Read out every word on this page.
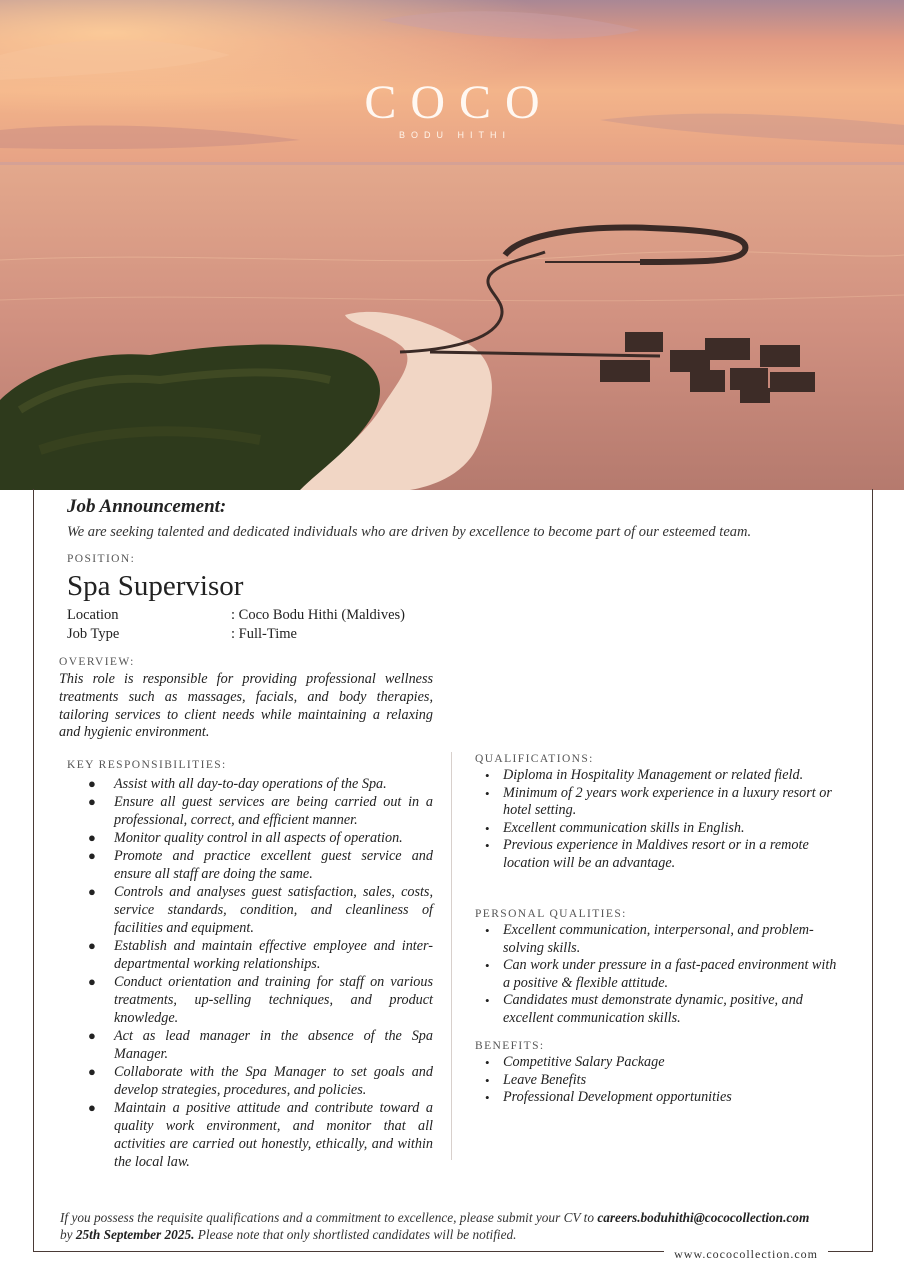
COCO
BODU HITHI
Job Announcement:
We are seeking talented and dedicated individuals who are driven by excellence to become part of our esteemed team.
POSITION:
Spa Supervisor
Location	: Coco Bodu Hithi (Maldives)
Job Type	: Full-Time
OVERVIEW:
This role is responsible for providing professional wellness treatments such as massages, facials, and body therapies, tailoring services to client needs while maintaining a relaxing and hygienic environment.
KEY RESPONSIBILITIES:
● Assist with all day-to-day operations of the Spa.
● Ensure all guest services are being carried out in a professional, correct, and efficient manner.
● Monitor quality control in all aspects of operation.
● Promote and practice excellent guest service and ensure all staff are doing the same.
● Controls and analyses guest satisfaction, sales, costs, service standards, condition, and cleanliness of facilities and equipment.
● Establish and maintain effective employee and inter-departmental working relationships.
● Conduct orientation and training for staff on various treatments, up-selling techniques, and product knowledge.
● Act as lead manager in the absence of the Spa Manager.
● Collaborate with the Spa Manager to set goals and develop strategies, procedures, and policies.
● Maintain a positive attitude and contribute toward a quality work environment, and monitor that all activities are carried out honestly, ethically, and within the local law.
QUALIFICATIONS:
• Diploma in Hospitality Management or related field.
• Minimum of 2 years work experience in a luxury resort or hotel setting.
• Excellent communication skills in English.
• Previous experience in Maldives resort or in a remote location will be an advantage.
PERSONAL QUALITIES:
• Excellent communication, interpersonal, and problem-solving skills.
• Can work under pressure in a fast-paced environment with a positive & flexible attitude.
• Candidates must demonstrate dynamic, positive, and excellent communication skills.
BENEFITS:
• Competitive Salary Package
• Leave Benefits
• Professional Development opportunities
If you possess the requisite qualifications and a commitment to excellence, please submit your CV to careers.boduhithi@cococollection.com
by 25th September 2025. Please note that only shortlisted candidates will be notified.
www.cococollection.com
